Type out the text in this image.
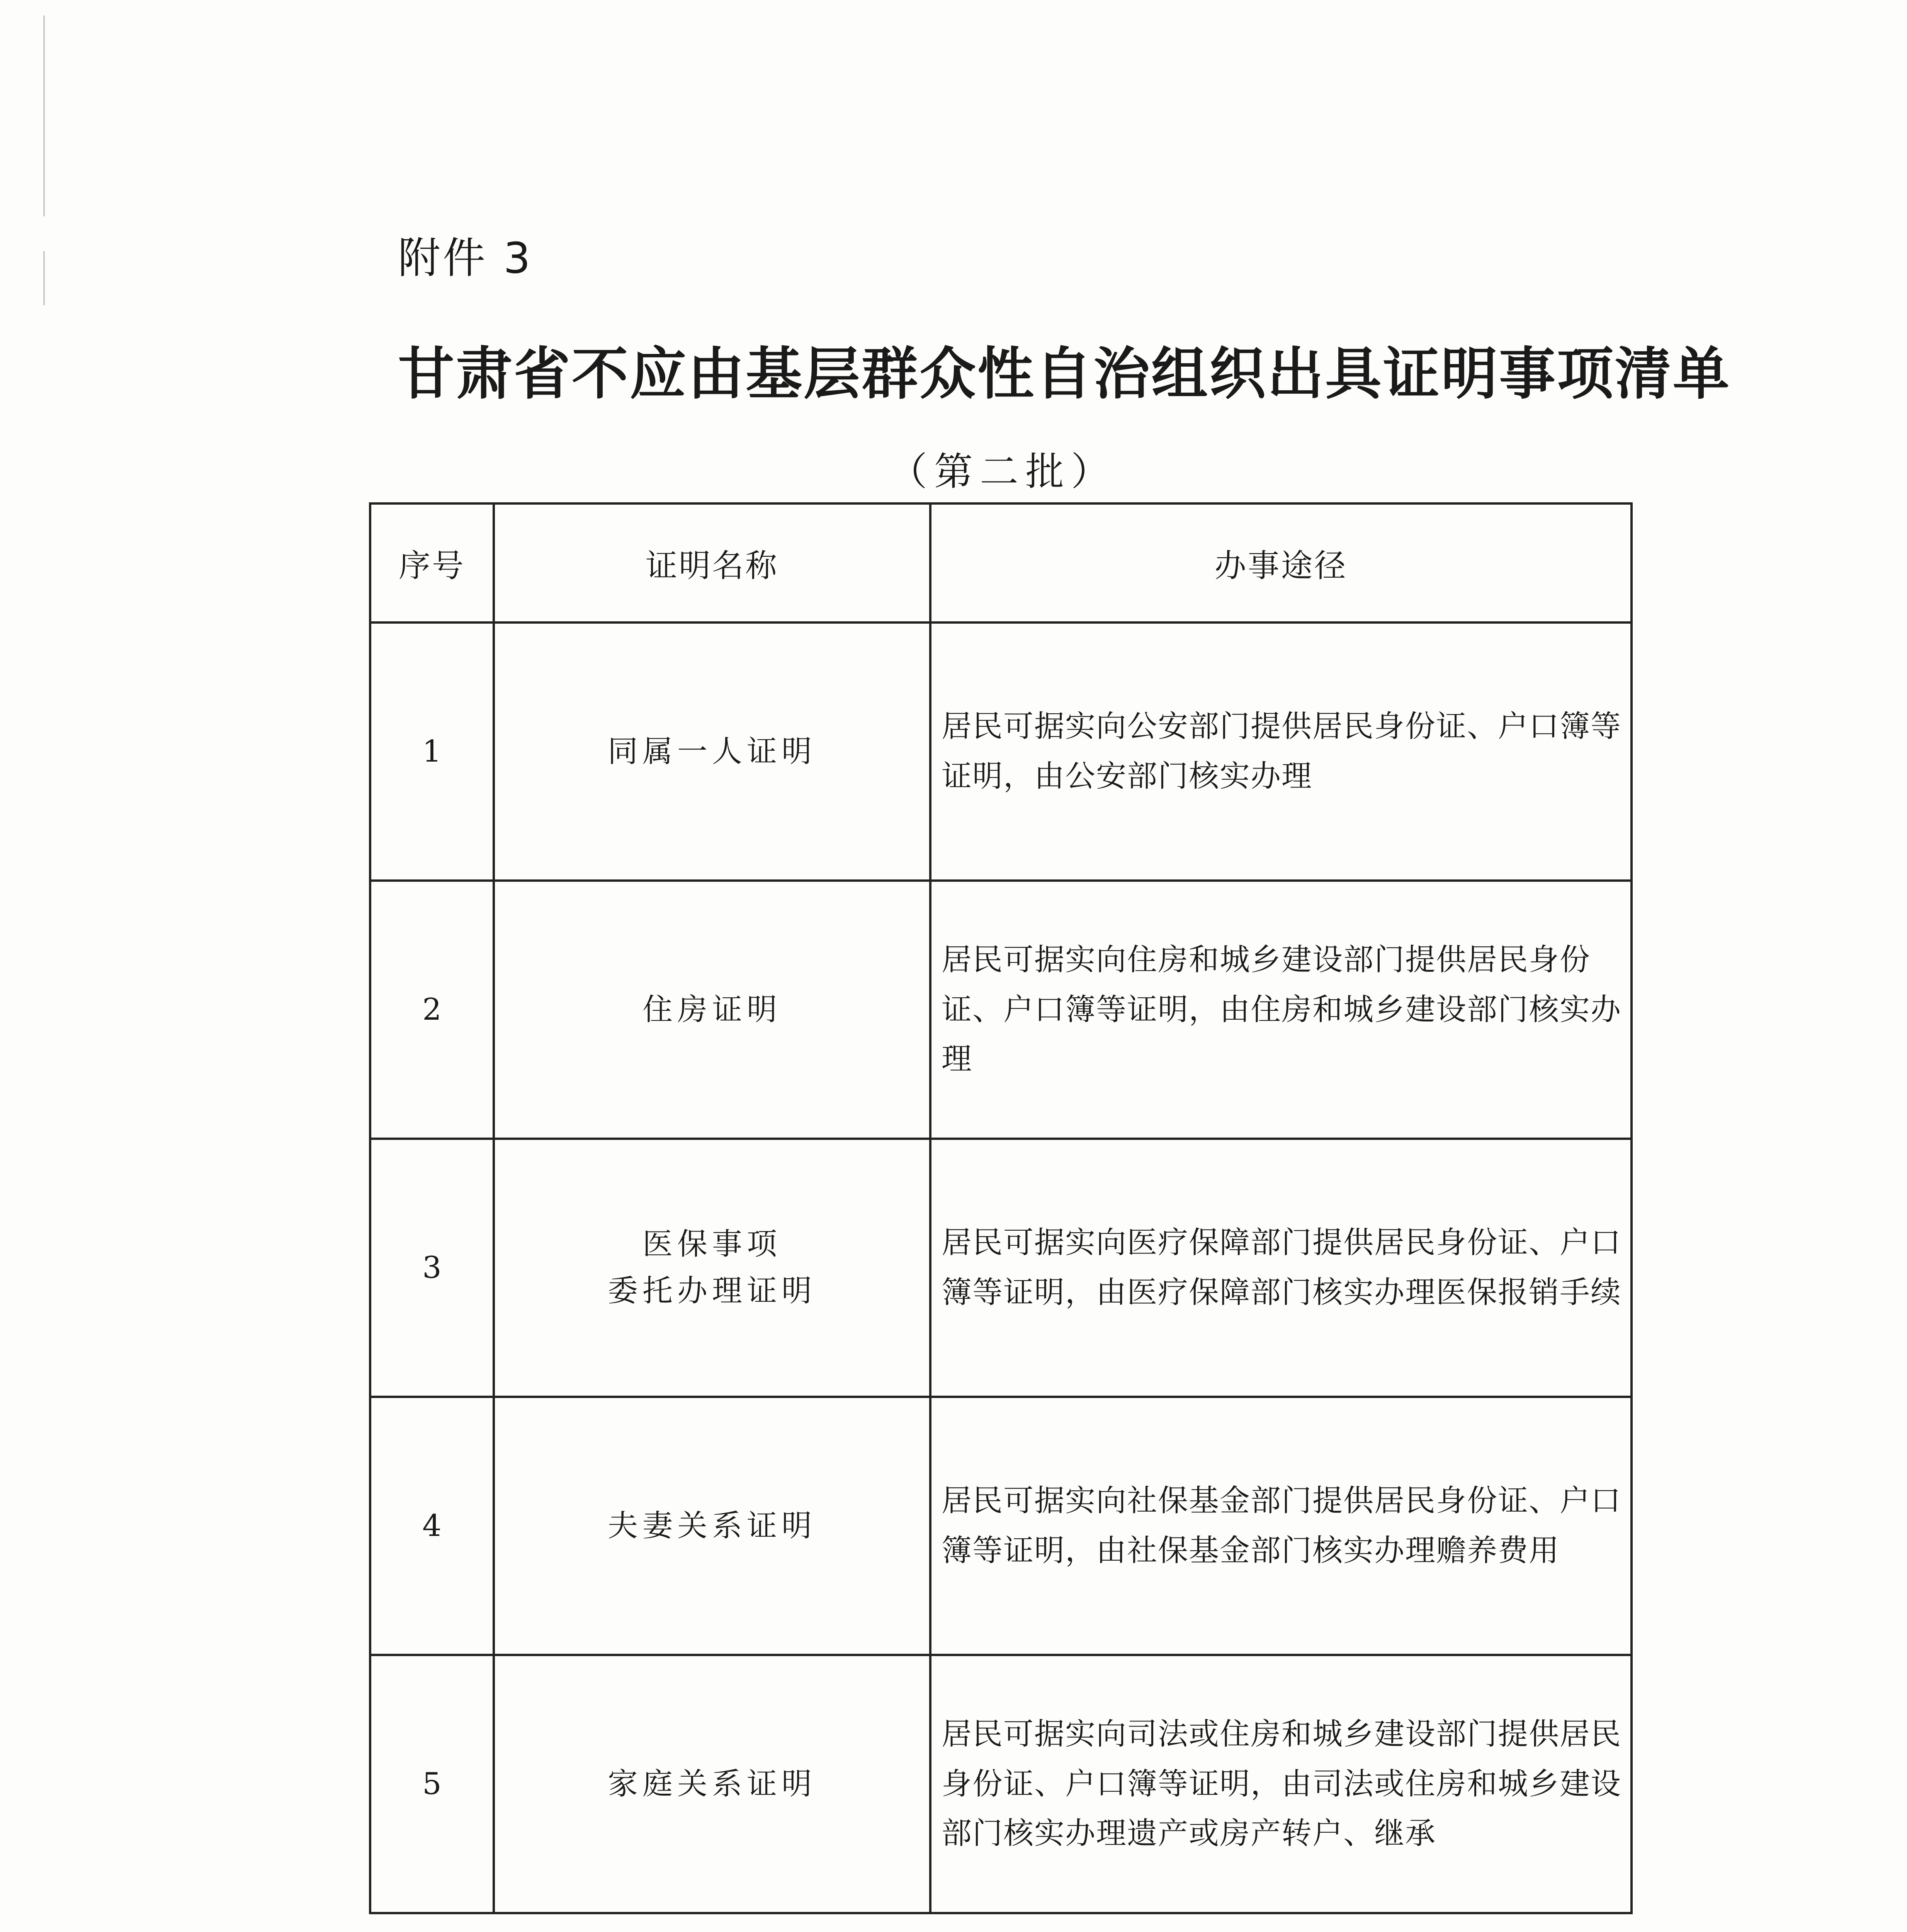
附件 3
甘肃省不应由基层群众性自治组织出具证明事项清单
（第二批）
序号	证明名称	办事途径
1	同属一人证明	居民可据实向公安部门提供居民身份证、户口簿等证明，由公安部门核实办理
2	住房证明	居民可据实向住房和城乡建设部门提供居民身份证、户口簿等证明，由住房和城乡建设部门核实办理
3	医保事项
委托办理证明	居民可据实向医疗保障部门提供居民身份证、户口簿等证明，由医疗保障部门核实办理医保报销手续
4	夫妻关系证明	居民可据实向社保基金部门提供居民身份证、户口簿等证明，由社保基金部门核实办理赡养费用
5	家庭关系证明	居民可据实向司法或住房和城乡建设部门提供居民身份证、户口簿等证明，由司法或住房和城乡建设部门核实办理遗产或房产转户、继承
